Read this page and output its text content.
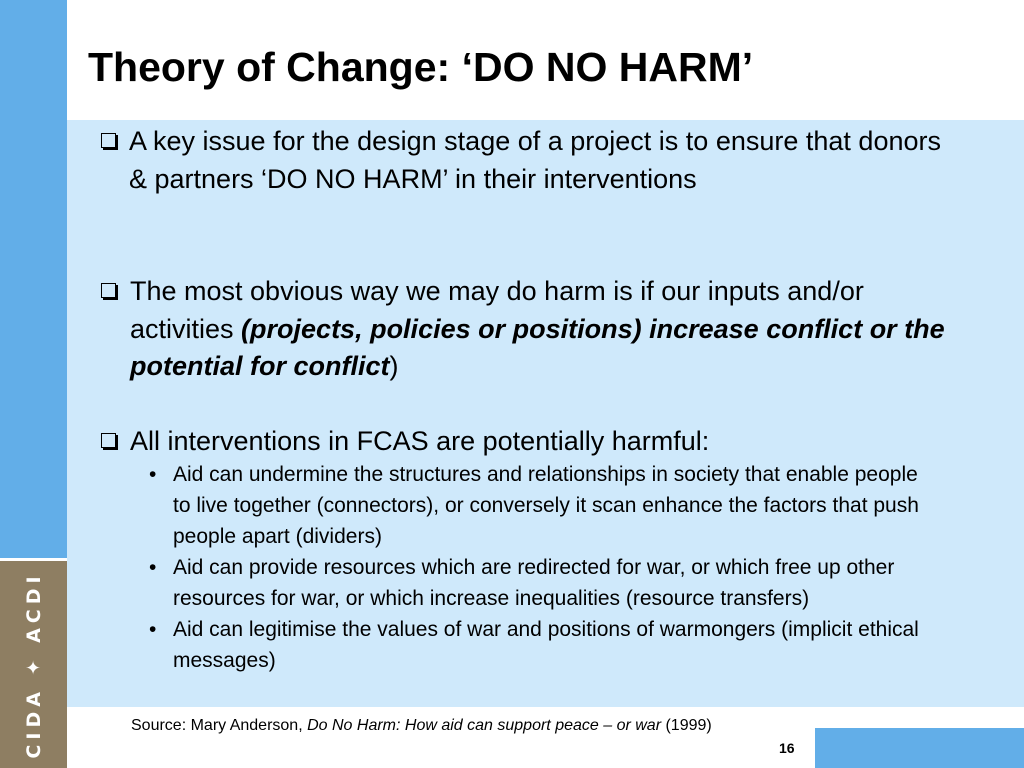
CIDA ✦ ACDI
Theory of Change: ‘DO NO HARM’
A key issue for the design stage of a project is to ensure that donors & partners ‘DO NO HARM’ in their interventions
The most obvious way we may do harm is if our inputs and/or activities (projects, policies or positions) increase conflict or the potential for conflict)
All interventions in FCAS are potentially harmful:
• Aid can undermine the structures and relationships in society that enable people to live together (connectors), or conversely it scan enhance the factors that push people apart (dividers)
• Aid can provide resources which are redirected for war, or which free up other resources for war, or which increase inequalities (resource transfers)
• Aid can legitimise the values of war and positions of warmongers (implicit ethical messages)
Source: Mary Anderson, Do No Harm: How aid can support peace – or war (1999)
16
